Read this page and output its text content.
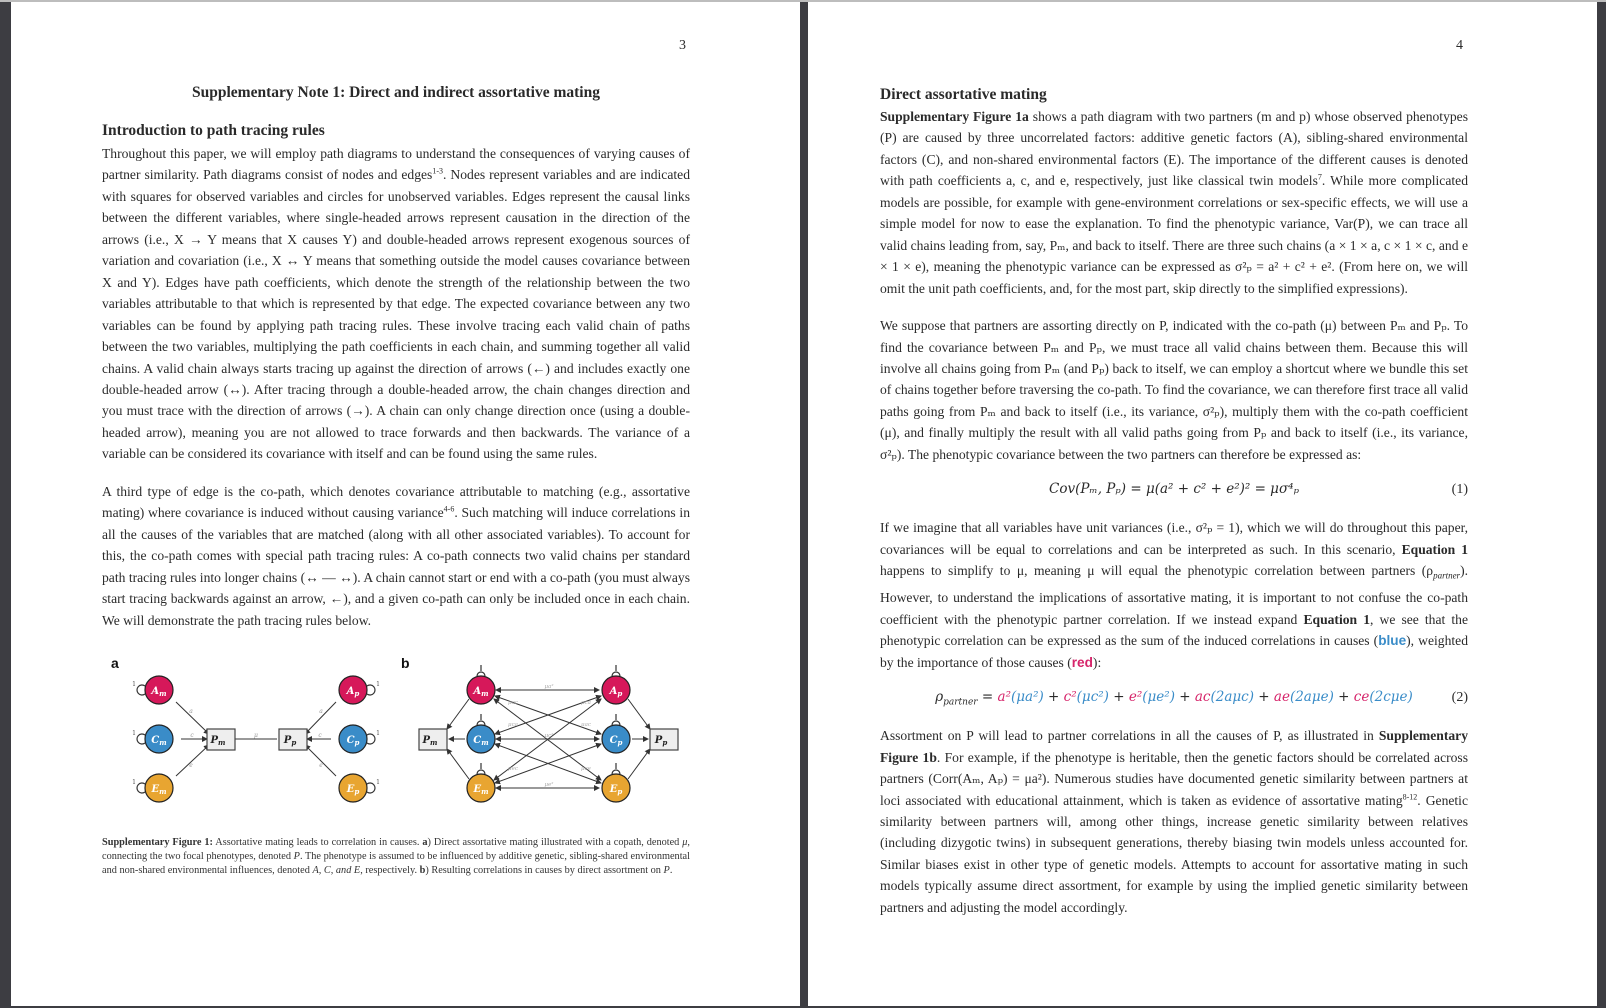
3
Supplementary Note 1: Direct and indirect assortative mating
Introduction to path tracing rules

Throughout this paper, we will employ path diagrams to understand the consequences of varying causes of partner similarity. Path diagrams consist of nodes and edges$^{1-3}$. Nodes represent variables and are indicated with squares for observed variables and circles for unobserved variables. Edges represent the causal links between the different variables, where single-headed arrows represent causation in the direction of the arrows (i.e., X → Y means that X causes Y) and double-headed arrows represent exogenous sources of variation and covariation (i.e., X ↔ Y means that something outside the model causes covariance between X and Y). Edges have path coefficients, which denote the strength of the relationship between the two variables attributable to that which is represented by that edge. The expected covariance between any two variables can be found by applying path tracing rules. These involve tracing each valid chain of paths between the two variables, multiplying the path coefficients in each chain, and summing together all valid chains. A valid chain always starts tracing up against the direction of arrows (←) and includes exactly one double-headed arrow (↔). After tracing through a double-headed arrow, the chain changes direction and you must trace with the direction of arrows (→). A chain can only change direction once (using a double-headed arrow), meaning you are not allowed to trace forwards and then backwards. The variance of a variable can be considered its covariance with itself and can be found using the same rules.

A third type of edge is the co-path, which denotes covariance attributable to matching (e.g., assortative mating) where covariance is induced without causing variance$^{4-6}$. Such matching will induce correlations in all the causes of the variables that are matched (along with all other associated variables). To account for this, the co-path comes with special path tracing rules: A co-path connects two valid chains per standard path tracing rules into longer chains (↔ — ↔). A chain cannot start or end with a co-path (you must always start tracing backwards against an arrow, ←), and a given co-path can only be included once in each chain. We will demonstrate the path tracing rules below.

a	b
$A_m$
$C_m$
$E_m$
$A_p$
$C_p$
$E_p$
$P_m$	$P_p$
1
1
1
1
1
1
a
c
e
μ
a
c
e
$A_m$
$C_m$
$E_m$
$A_p$
$C_p$
$E_p$
$P_m$	$P_p$
μa²
μc²
μe²
μac
μca
μca
μac
μec	μce
Supplementary Figure 1: Assortative mating leads to correlation in causes. a) Direct assortative mating illustrated with a copath, denoted μ, connecting the two focal phenotypes, denoted P. The phenotype is assumed to be influenced by additive genetic, sibling-shared environmental and non-shared environmental influences, denoted A, C, and E, respectively. b) Resulting correlations in causes by direct assortment on P.
4
Direct assortative mating

Supplementary Figure 1a shows a path diagram with two partners (m and p) whose observed phenotypes (P) are caused by three uncorrelated factors: additive genetic factors (A), sibling-shared environmental factors (C), and non-shared environmental factors (E). The importance of the different causes is denoted with path coefficients a, c, and e, respectively, just like classical twin models$^7$. While more complicated models are possible, for example with gene-environment correlations or sex-specific effects, we will use a simple model for now to ease the explanation. To find the phenotypic variance, Var(P), we can trace all valid chains leading from, say, Pₘ, and back to itself. There are three such chains (a × 1 × a, c × 1 × c, and e × 1 × e), meaning the phenotypic variance can be expressed as σ²ₚ = a² + c² + e². (From here on, we will omit the unit path coefficients, and, for the most part, skip directly to the simplified expressions).

We suppose that partners are assorting directly on P, indicated with the co-path (μ) between Pₘ and Pₚ. To find the covariance between Pₘ and Pₚ, we must trace all valid chains between them. Because this will involve all chains going from Pₘ (and Pₚ) back to itself, we can employ a shortcut where we bundle this set of chains together before traversing the co-path. To find the covariance, we can therefore first trace all valid paths going from Pₘ and back to itself (i.e., its variance, σ²ₚ), multiply them with the co-path coefficient (μ), and finally multiply the result with all valid paths going from Pₚ and back to itself (i.e., its variance, σ²ₚ). The phenotypic covariance between the two partners can therefore be expressed as:

Cov(Pₘ, Pₚ) = μ(a² + c² + e²)² = μσ⁴ₚ	(1)

If we imagine that all variables have unit variances (i.e., σ²ₚ = 1), which we will do throughout this paper, covariances will be equal to correlations and can be interpreted as such. In this scenario, Equation 1 happens to simplify to μ, meaning μ will equal the phenotypic correlation between partners $(\rho_{partner})$. However, to understand the implications of assortative mating, it is important to not confuse the co-path coefficient with the phenotypic partner correlation. If we instead expand Equation 1, we see that the phenotypic correlation can be expressed as the sum of the induced correlations in causes (blue), weighted by the importance of those causes (red):

$\rho_{partner} = a^2(\mu a^2) + c^2(\mu c^2) + e^2(\mu e^2) + ac(2a\mu c) + ae(2a\mu e) + ce(2c\mu e)$	(2)

Assortment on P will lead to partner correlations in all the causes of P, as illustrated in Supplementary Figure 1b. For example, if the phenotype is heritable, then the genetic factors should be correlated across partners (Corr(Aₘ, Aₚ) = μa²). Numerous studies have documented genetic similarity between partners at loci associated with educational attainment, which is taken as evidence of assortative mating$^{8-12}$. Genetic similarity between partners will, among other things, increase genetic similarity between relatives (including dizygotic twins) in subsequent generations, thereby biasing twin models unless accounted for. Similar biases exist in other type of genetic models. Attempts to account for assortative mating in such models typically assume direct assortment, for example by using the implied genetic similarity between partners and adjusting the model accordingly.
